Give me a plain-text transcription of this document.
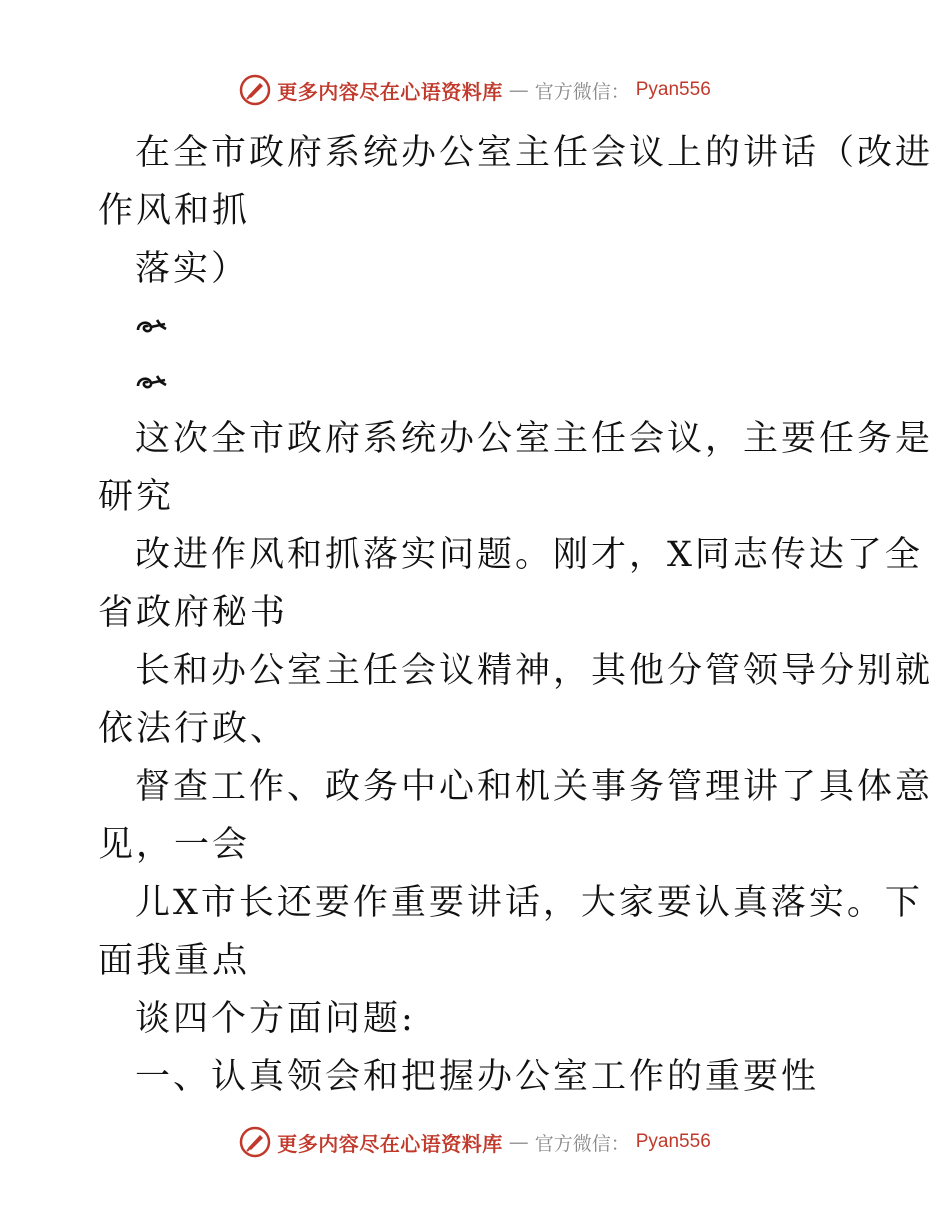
更多内容尽在心语资料库 — 官方微信： Pyan556
在全市政府系统办公室主任会议上的讲话（改进
作风和抓
落实）
这次全市政府系统办公室主任会议，主要任务是
研究
改进作风和抓落实问题。刚才，X同志传达了全
省政府秘书
长和办公室主任会议精神，其他分管领导分别就
依法行政、
督查工作、政务中心和机关事务管理讲了具体意
见，一会
儿X市长还要作重要讲话，大家要认真落实。下
面我重点
谈四个方面问题:
一、认真领会和把握办公室工作的重要性
更多内容尽在心语资料库 — 官方微信： Pyan556
